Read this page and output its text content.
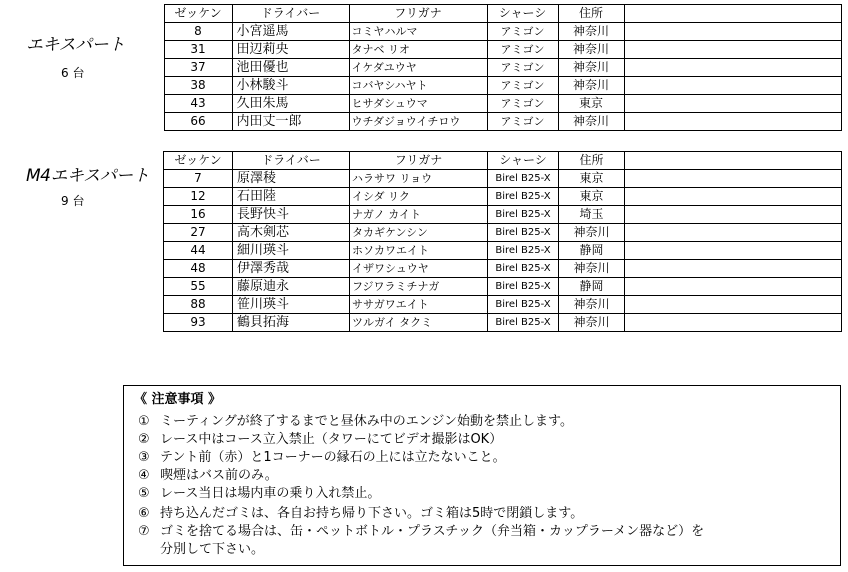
エキスパート
6 台
	ゼッケン	ドライバー	フリガナ	シャーシ	住所	
	8	小宮遥馬	コミヤハルマ	アミゴン	神奈川	
	31	田辺莉央	タナベ リオ	アミゴン	神奈川	
	37	池田優也	イケダユウヤ	アミゴン	神奈川	
	38	小林駿斗	コバヤシハヤト	アミゴン	神奈川	
	43	久田朱馬	ヒサダシュウマ	アミゴン	東京	
	66	内田丈一郎	ウチダジョウイチロウ	アミゴン	神奈川	
M4エキスパート
9 台
ゼッケン	ドライバー	フリガナ	シャーシ	住所	
7	原澤稜	ハラサワ リョウ	Birel B25-X	東京	
12	石田陸	イシダ リク	Birel B25-X	東京	
16	長野快斗	ナガノ カイト	Birel B25-X	埼玉	
27	高木剣芯	タカギケンシン	Birel B25-X	神奈川	
44	細川瑛斗	ホソカワエイト	Birel B25-X	静岡	
48	伊澤秀哉	イザワシュウヤ	Birel B25-X	神奈川	
55	藤原迪永	フジワラミチナガ	Birel B25-X	静岡	
88	笹川瑛斗	ササガワエイト	Birel B25-X	神奈川	
93	鶴貝拓海	ツルガイ タクミ	Birel B25-X	神奈川	
《 注意事項 》
① ミーティングが終了するまでと昼休み中のエンジン始動を禁止します。
② レース中はコース立入禁止（タワーにてビデオ撮影はOK）
③ テント前（赤）と1コーナーの縁石の上には立たないこと。
④ 喫煙はバス前のみ。
⑤ レース当日は場内車の乗り入れ禁止。
⑥ 持ち込んだゴミは、各自お持ち帰り下さい。ゴミ箱は5時で閉鎖します。
⑦ ゴミを捨てる場合は、缶・ペットボトル・プラスチック（弁当箱・カップラーメン器など）を
分別して下さい。
